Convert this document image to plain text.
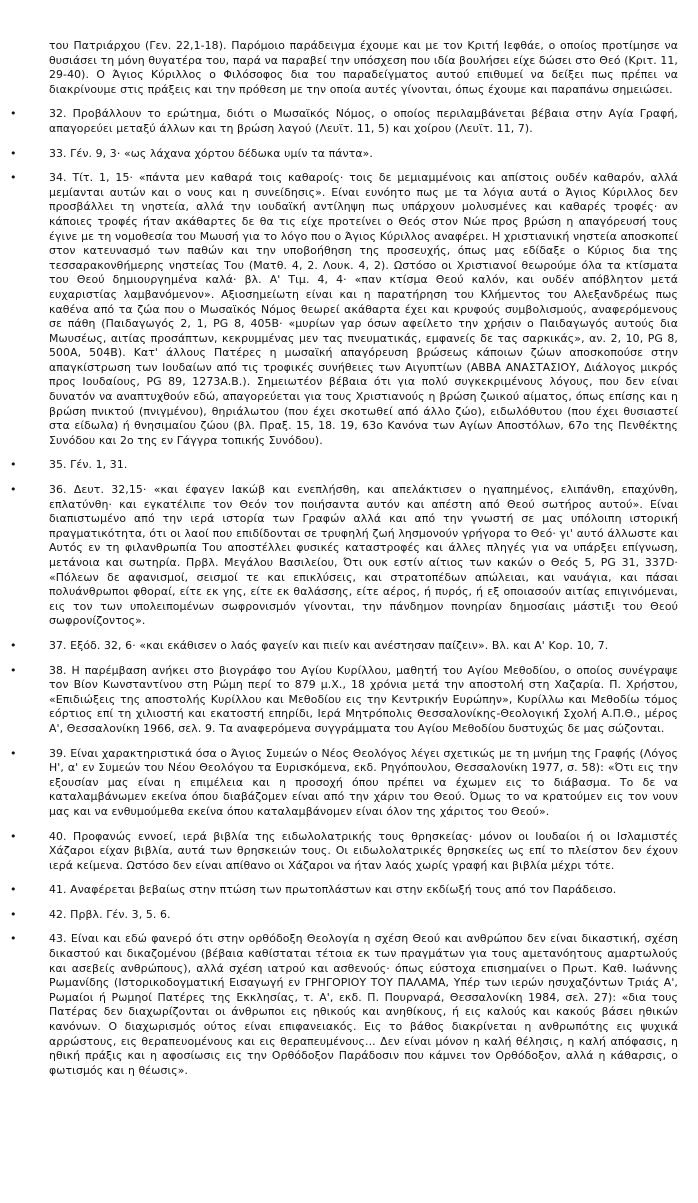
του Πατριάρχου (Γεν. 22,1-18). Παρόμοιο παράδειγμα έχουμε και με τον Κριτή Ιεφθάε, ο οποίος προτίμησε να θυσιάσει τη μόνη θυγατέρα του, παρά να παραβεί την υπόσχεση που ιδία βουλήσει είχε δώσει στο Θεό (Κριτ. 11, 29-40). Ο Άγιος Κύριλλος ο Φιλόσοφος δια του παραδείγματος αυτού επιθυμεί να δείξει πως πρέπει να διακρίνουμε στις πράξεις και την πρόθεση με την οποία αυτές γίνονται, όπως έχουμε και παραπάνω σημειώσει.

•	32. Προβάλλουν το ερώτημα, διότι ο Μωσαϊκός Νόμος, ο οποίος περιλαμβάνεται βέβαια στην Αγία Γραφή, απαγορεύει μεταξύ άλλων και τη βρώση λαγού (Λευϊτ. 11, 5) και χοίρου (Λευϊτ. 11, 7).
•	33. Γέν. 9, 3· «ως λάχανα χόρτου δέδωκα υμίν τα πάντα».
•	34. Τίτ. 1, 15· «πάντα μεν καθαρά τοις καθαροίς· τοις δε μεμιαμμένοις και απίστοις ουδέν καθαρόν, αλλά μεμίανται αυτών και ο νους και η συνείδησις». Είναι ευνόητο πως με τα λόγια αυτά ο Άγιος Κύριλλος δεν προσβάλλει τη νηστεία, αλλά την ιουδαϊκή αντίληψη πως υπάρχουν μολυσμένες και καθαρές τροφές· αν κάποιες τροφές ήταν ακάθαρτες δε θα τις είχε προτείνει ο Θεός στον Νώε προς βρώση η απαγόρευσή τους έγινε με τη νομοθεσία του Μωυσή για το λόγο που ο Άγιος Κύριλλος αναφέρει. Η χριστιανική νηστεία αποσκοπεί στον κατευνασμό των παθών και την υποβοήθηση της προσευχής, όπως μας εδίδαξε ο Κύριος δια της τεσσαρακονθήμερης νηστείας Του (Ματθ. 4, 2. Λουκ. 4, 2). Ωστόσο οι Χριστιανοί θεωρούμε όλα τα κτίσματα του Θεού δημιουργημένα καλά· βλ. Α' Τιμ. 4, 4· «παν κτίσμα Θεού καλόν, και ουδέν απόβλητον μετά ευχαριστίας λαμβανόμενον». Αξιοσημείωτη είναι και η παρατήρηση του Κλήμεντος του Αλεξανδρέως πως καθένα από τα ζώα που ο Μωσαϊκός Νόμος θεωρεί ακάθαρτα έχει και κρυφούς συμβολισμούς, αναφερόμενους σε πάθη (Παιδαγωγός 2, 1, PG 8, 405B· «μυρίων γαρ όσων αφείλετο την χρήσιν ο Παιδαγωγός αυτούς δια Μωυσέως, αιτίας προσάπτων, κεκρυμμένας μεν τας πνευματικάς, εμφανείς δε τας σαρκικάς», αν. 2, 10, PG 8, 500A, 504B). Κατ' άλλους Πατέρες η μωσαϊκή απαγόρευση βρώσεως κάποιων ζώων αποσκοπούσε στην απαγκίστρωση των Ιουδαίων από τις τροφικές συνήθειες των Αιγυπτίων (ΑΒΒΑ ΑΝΑΣΤΑΣΙΟΥ, Διάλογος μικρός προς Ιουδαίους, PG 89, 1273A.B.). Σημειωτέον βέβαια ότι για πολύ συγκεκριμένους λόγους, που δεν είναι δυνατόν να αναπτυχθούν εδώ, απαγορεύεται για τους Χριστιανούς η βρώση ζωικού αίματος, όπως επίσης και η βρώση πνικτού (πνιγμένου), θηριάλωτου (που έχει σκοτωθεί από άλλο ζώο), ειδωλόθυτου (που έχει θυσιαστεί στα είδωλα) ή θνησιμαίου ζώου (βλ. Πραξ. 15, 18. 19, 63ο Κανόνα των Αγίων Αποστόλων, 67ο της Πενθέκτης Συνόδου και 2ο της εν Γάγγρα τοπικής Συνόδου).
•	35. Γέν. 1, 31.
•	36. Δευτ. 32,15· «και έφαγεν Ιακώβ και ενεπλήσθη, και απελάκτισεν ο ηγαπημένος, ελιπάνθη, επαχύνθη, επλατύνθη· και εγκατέλιπε τον Θεόν τον ποιήσαντα αυτόν και απέστη από Θεού σωτήρος αυτού». Είναι διαπιστωμένο από την ιερά ιστορία των Γραφών αλλά και από την γνωστή σε μας υπόλοιπη ιστορική πραγματικότητα, ότι οι λαοί που επιδίδονται σε τρυφηλή ζωή λησμονούν γρήγορα το Θεό· γι' αυτό άλλωστε και Αυτός εν τη φιλανθρωπία Του αποστέλλει φυσικές καταστροφές και άλλες πληγές για να υπάρξει επίγνωση, μετάνοια και σωτηρία. Πρβλ. Μεγάλου Βασιλείου, Ότι ουκ εστίν αίτιος των κακών ο Θεός 5, PG 31, 337D· «Πόλεων δε αφανισμοί, σεισμοί τε και επικλύσεις, και στρατοπέδων απώλειαι, και ναυάγια, και πάσαι πολυάνθρωποι φθοραί, είτε εκ γης, είτε εκ θαλάσσης, είτε αέρος, ή πυρός, ή εξ οποιασούν αιτίας επιγινόμεναι, εις τον των υπολειπομένων σωφρονισμόν γίνονται, την πάνδημον πονηρίαν δημοσίαις μάστιξι του Θεού σωφρονίζοντος».
•	37. Εξόδ. 32, 6· «και εκάθισεν ο λαός φαγείν και πιείν και ανέστησαν παίζειν». Βλ. και Α' Κορ. 10, 7.
•	38. Η παρέμβαση ανήκει στο βιογράφο του Αγίου Κυρίλλου, μαθητή του Αγίου Μεθοδίου, ο οποίος συνέγραψε τον Βίον Κωνσταντίνου στη Ρώμη περί το 879 μ.Χ., 18 χρόνια μετά την αποστολή στη Χαζαρία. Π. Χρήστου, «Επιδιώξεις της αποστολής Κυρίλλου και Μεθοδίου εις την Κεντρικήν Ευρώπην», Κυρίλλω και Μεθοδίω τόμος εόρτιος επί τη χιλιοστή και εκατοστή επηρίδι, Ιερά Μητρόπολις Θεσσαλονίκης-Θεολογική Σχολή Α.Π.Θ., μέρος Α', Θεσσαλονίκη 1966, σελ. 9. Τα αναφερόμενα συγγράμματα του Αγίου Μεθοδίου δυστυχώς δε μας σώζονται.
•	39. Είναι χαρακτηριστικά όσα ο Άγιος Συμεών ο Νέος Θεολόγος λέγει σχετικώς με τη μνήμη της Γραφής (Λόγος Η', α' εν Συμεών του Νέου Θεολόγου τα Ευρισκόμενα, εκδ. Ρηγόπουλου, Θεσσαλονίκη 1977, σ. 58): «Ότι εις την εξουσίαν μας είναι η επιμέλεια και η προσοχή όπου πρέπει να έχωμεν εις το διάβασμα. Το δε να καταλαμβάνωμεν εκείνα όπου διαβάζομεν είναι από την χάριν του Θεού. Όμως το να κρατούμεν εις τον νουν μας και να ενθυμούμεθα εκείνα όπου καταλαμβάνομεν είναι όλον της χάριτος του Θεού».
•	40. Προφανώς εννοεί, ιερά βιβλία της ειδωλολατρικής τους θρησκείας· μόνον οι Ιουδαίοι ή οι Ισλαμιστές Χάζαροι είχαν βιβλία, αυτά των θρησκειών τους. Οι ειδωλολατρικές θρησκείες ως επί το πλείστον δεν έχουν ιερά κείμενα. Ωστόσο δεν είναι απίθανο οι Χάζαροι να ήταν λαός χωρίς γραφή και βιβλία μέχρι τότε.
•	41. Αναφέρεται βεβαίως στην πτώση των πρωτοπλάστων και στην εκδίωξή τους από τον Παράδεισο.
•	42. Πρβλ. Γέν. 3, 5. 6.
•	43. Είναι και εδώ φανερό ότι στην ορθόδοξη Θεολογία η σχέση Θεού και ανθρώπου δεν είναι δικαστική, σχέση δικαστού και δικαζομένου (βέβαια καθίσταται τέτοια εκ των πραγμάτων για τους αμετανόητους αμαρτωλούς και ασεβείς ανθρώπους), αλλά σχέση ιατρού και ασθενούς· όπως εύστοχα επισημαίνει ο Πρωτ. Καθ. Ιωάννης Ρωμανίδης (Ιστορικοδογματική Εισαγωγή εν ΓΡΗΓΟΡΙΟΥ ΤΟΥ ΠΑΛΑΜΑ, Υπέρ των ιερών ησυχαζόντων Τριάς Α', Ρωμαίοι ή Ρωμηοί Πατέρες της Εκκλησίας, τ. Α', εκδ. Π. Πουρναρά, Θεσσαλονίκη 1984, σελ. 27): «δια τους Πατέρας δεν διαχωρίζονται οι άνθρωποι εις ηθικούς και ανηθίκους, ή εις καλούς και κακούς βάσει ηθικών κανόνων. Ο διαχωρισμός ούτος είναι επιφανειακός. Εις το βάθος διακρίνεται η ανθρωπότης εις ψυχικά αρρώστους, εις θεραπευομένους και εις θεραπευμένους... Δεν είναι μόνον η καλή θέλησις, η καλή απόφασις, η ηθική πράξις και η αφοσίωσις εις την Ορθόδοξον Παράδοσιν που κάμνει τον Ορθόδοξον, αλλά η κάθαρσις, ο φωτισμός και η θέωσις».
